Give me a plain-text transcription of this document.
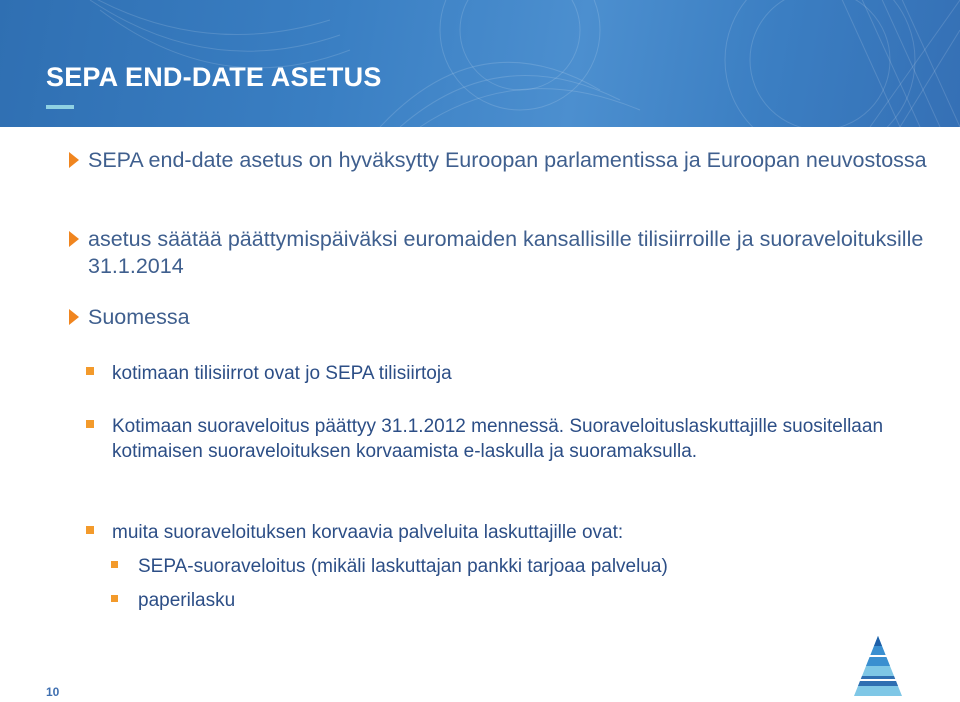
SEPA END-DATE ASETUS
SEPA end-date asetus on hyväksytty Euroopan parlamentissa ja Euroopan neuvostossa
asetus säätää päättymispäiväksi euromaiden kansallisille tilisiirroille ja suoraveloituksille 31.1.2014
Suomessa
kotimaan tilisiirrot ovat jo SEPA tilisiirtoja
Kotimaan suoraveloitus päättyy 31.1.2012 mennessä. Suoraveloituslaskuttajille suositellaan kotimaisen suoraveloituksen korvaamista e-laskulla ja suoramaksulla.
muita suoraveloituksen korvaavia palveluita laskuttajille ovat:
SEPA-suoraveloitus (mikäli laskuttajan pankki tarjoaa palvelua)
paperilasku
10
